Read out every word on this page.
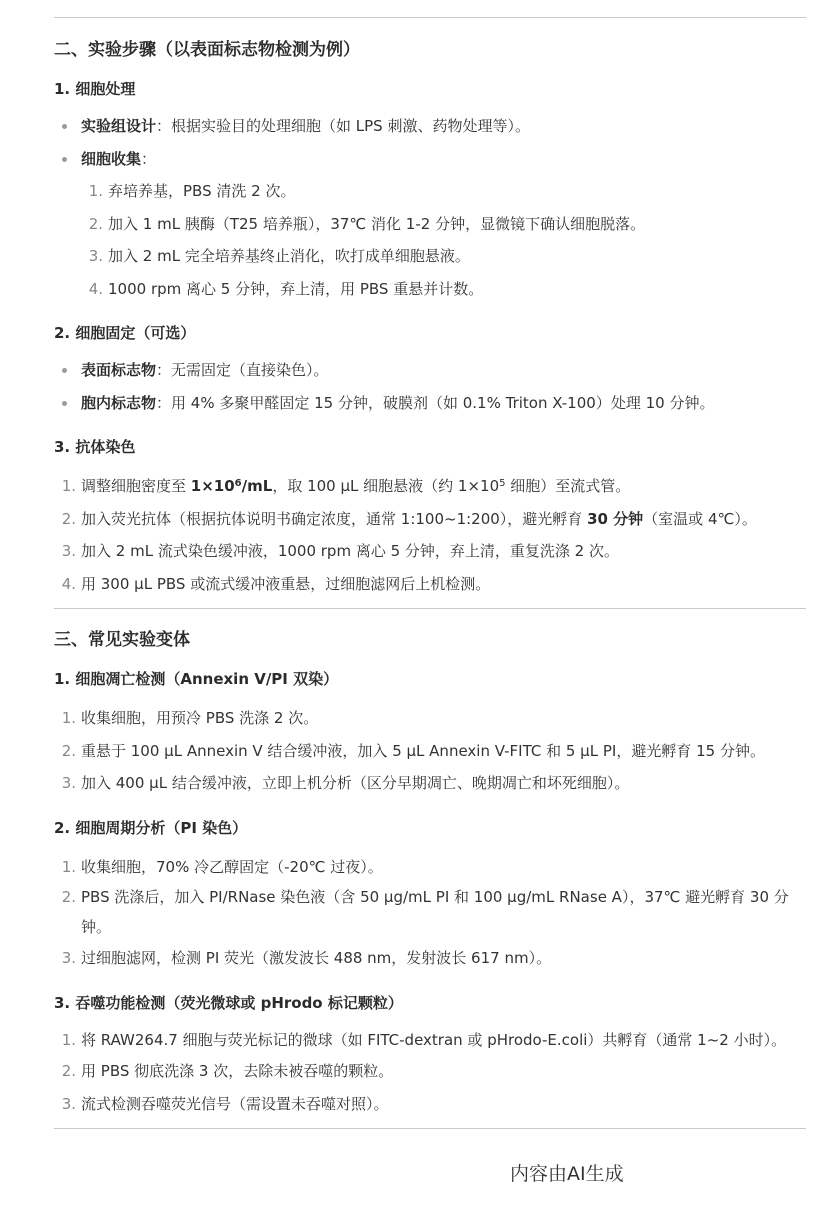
二、实验步骤（以表面标志物检测为例）
1. 细胞处理
实验组设计：根据实验目的处理细胞（如 LPS 刺激、药物处理等）。
细胞收集：
1. 弃培养基，PBS 清洗 2 次。
2. 加入 1 mL 胰酶（T25 培养瓶），37℃ 消化 1-2 分钟，显微镜下确认细胞脱落。
3. 加入 2 mL 完全培养基终止消化，吹打成单细胞悬液。
4. 1000 rpm 离心 5 分钟，弃上清，用 PBS 重悬并计数。
2. 细胞固定（可选）
表面标志物：无需固定（直接染色）。
胞内标志物：用 4% 多聚甲醛固定 15 分钟，破膜剂（如 0.1% Triton X-100）处理 10 分钟。
3. 抗体染色
1. 调整细胞密度至 $1\times 10^6/mL$，取 100 µL 细胞悬液（约 $1\times 10^5$ 细胞）至流式管。
2. 加入荧光抗体（根据抗体说明书确定浓度，通常 1:100~1:200），避光孵育 30 分钟（室温或 4℃）。
3. 加入 2 mL 流式染色缓冲液，1000 rpm 离心 5 分钟，弃上清，重复洗涤 2 次。
4. 用 300 µL PBS 或流式缓冲液重悬，过细胞滤网后上机检测。
三、常见实验变体
1. 细胞凋亡检测（Annexin V/PI 双染）
1. 收集细胞，用预冷 PBS 洗涤 2 次。
2. 重悬于 100 µL Annexin V 结合缓冲液，加入 5 µL Annexin V-FITC 和 5 µL PI，避光孵育 15 分钟。
3. 加入 400 µL 结合缓冲液，立即上机分析（区分早期凋亡、晚期凋亡和坏死细胞）。
2. 细胞周期分析（PI 染色）
1. 收集细胞，70% 冷乙醇固定（-20℃ 过夜）。
2. PBS 洗涤后，加入 PI/RNase 染色液（含 50 µg/mL PI 和 100 µg/mL RNase A），37℃ 避光孵育 30 分钟。
3. 过细胞滤网，检测 PI 荧光（激发波长 488 nm，发射波长 617 nm）。
3. 吞噬功能检测（荧光微球或 pHrodo 标记颗粒）
1. 将 RAW264.7 细胞与荧光标记的微球（如 FITC-dextran 或 pHrodo-E.coli）共孵育（通常 1~2 小时）。
2. 用 PBS 彻底洗涤 3 次，去除未被吞噬的颗粒。
3. 流式检测吞噬荧光信号（需设置未吞噬对照）。
内容由AI生成
